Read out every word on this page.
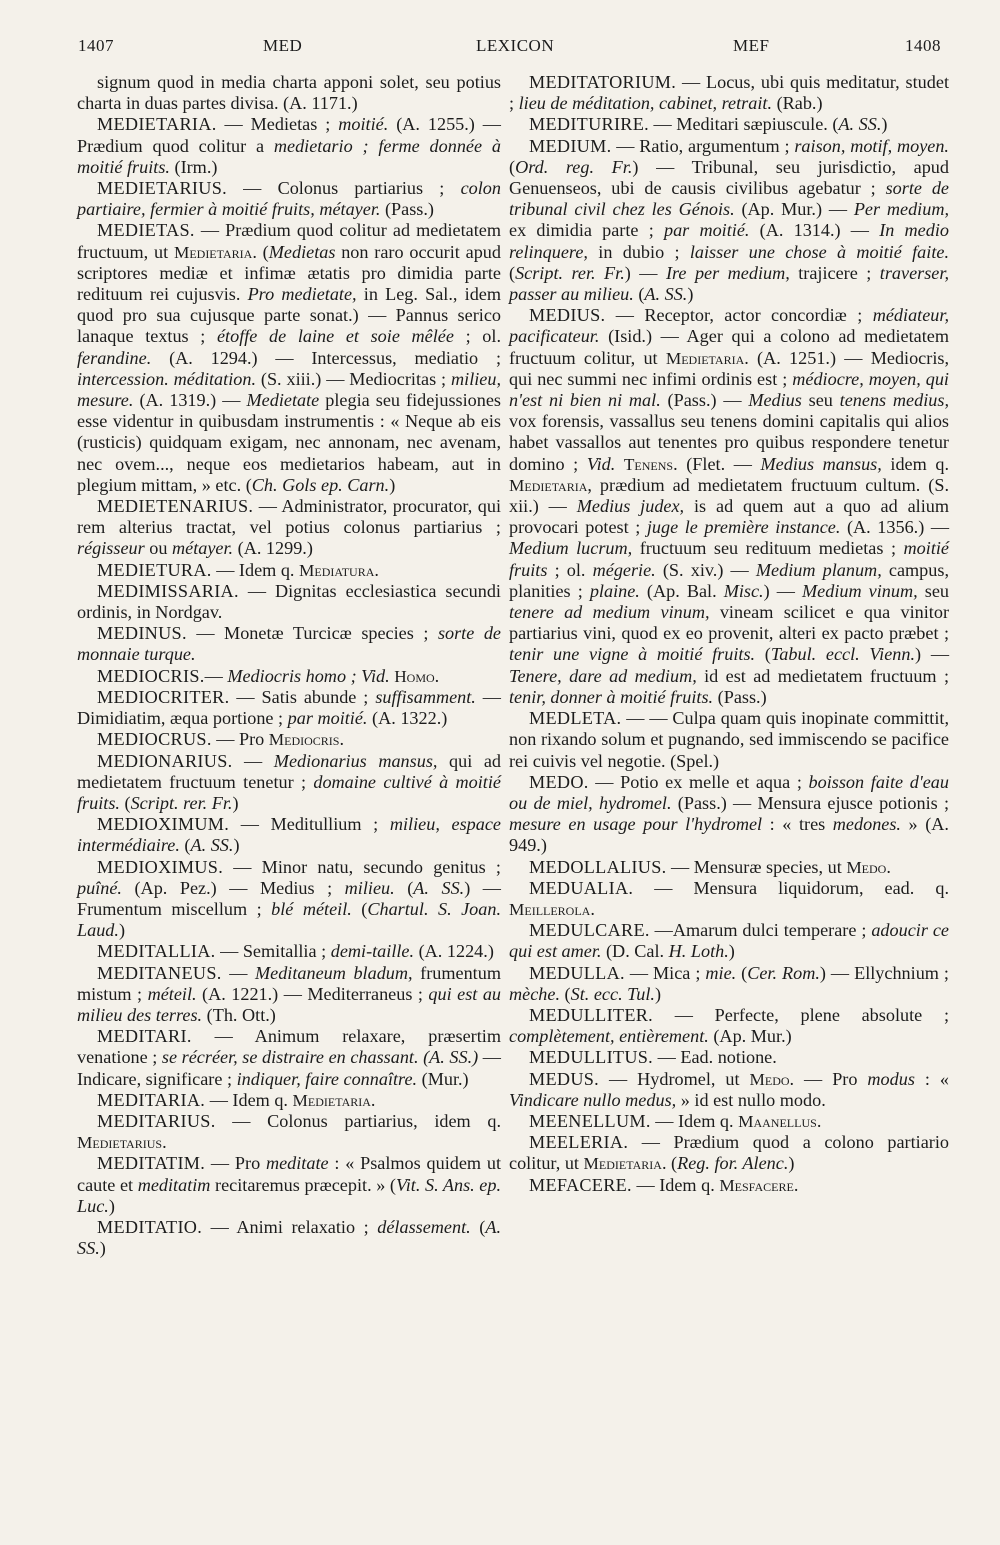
1407	MED	LEXICON	MEF	1408

signum quod in media charta apponi solet, seu potius charta in duas partes divisa. (A. 1171.)

MEDIETARIA. — Medietas ; moitié. (A. 1255.) — Prædium quod colitur a medietario ; ferme donnée à moitié fruits. (Irm.)

MEDIETARIUS. — Colonus partiarius ; colon partiaire, fermier à moitié fruits, métayer. (Pass.)

MEDIETAS. — Prædium quod colitur ad medietatem fructuum, ut Medietaria. (Medietas non raro occurit apud scriptores mediæ et infimæ ætatis pro dimidia parte redituum rei cujusvis. Pro medietate, in Leg. Sal., idem quod pro sua cujusque parte sonat.) — Pannus serico lanaque textus ; étoffe de laine et soie mêlée ; ol. ferandine. (A. 1294.) — Intercessus, mediatio ; intercession. méditation. (S. xiii.) — Mediocritas ; milieu, mesure. (A. 1319.) — Medietate plegia seu fidejussiones esse videntur in quibusdam instrumentis : « Neque ab eis (rusticis) quidquam exigam, nec annonam, nec avenam, nec ovem..., neque eos medietarios habeam, aut in plegium mittam, » etc. (Ch. Gols ep. Carn.)

MEDIETENARIUS. — Administrator, procurator, qui rem alterius tractat, vel potius colonus partiarius ; régisseur ou métayer. (A. 1299.)

MEDIETURA. — Idem q. Mediatura.

MEDIMISSARIA. — Dignitas ecclesiastica secundi ordinis, in Nordgav.

MEDINUS. — Monetæ Turcicæ species ; sorte de monnaie turque.

MEDIOCRIS.— Mediocris homo ; Vid. Homo.

MEDIOCRITER. — Satis abunde ; suffisamment. — Dimidiatim, æqua portione ; par moitié. (A. 1322.)

MEDIOCRUS. — Pro Mediocris.

MEDIONARIUS. — Medionarius mansus, qui ad medietatem fructuum tenetur ; domaine cultivé à moitié fruits. (Script. rer. Fr.)

MEDIOXIMUM. — Meditullium ; milieu, espace intermédiaire. (A. SS.)

MEDIOXIMUS. — Minor natu, secundo genitus ; puîné. (Ap. Pez.) — Medius ; milieu. (A. SS.) — Frumentum miscellum ; blé méteil. (Chartul. S. Joan. Laud.)

MEDITALLIA. — Semitallia ; demi-taille. (A. 1224.)

MEDITANEUS. — Meditaneum bladum, frumentum mistum ; méteil. (A. 1221.) — Mediterraneus ; qui est au milieu des terres. (Th. Ott.)

MEDITARI. — Animum relaxare, præsertim venatione ; se récréer, se distraire en chassant. (A. SS.) — Indicare, significare ; indiquer, faire connaître. (Mur.)

MEDITARIA. — Idem q. Medietaria.

MEDITARIUS. — Colonus partiarius, idem q. Medietarius.

MEDITATIM. — Pro meditate : « Psalmos quidem ut caute et meditatim recitaremus præcepit. » (Vit. S. Ans. ep. Luc.)

MEDITATIO. — Animi relaxatio ; délassement. (A. SS.)

MEDITATORIUM. — Locus, ubi quis meditatur, studet ; lieu de méditation, cabinet, retrait. (Rab.)

MEDITURIRE. — Meditari sæpiuscule. (A. SS.)

MEDIUM. — Ratio, argumentum ; raison, motif, moyen. (Ord. reg. Fr.) — Tribunal, seu jurisdictio, apud Genuenseos, ubi de causis civilibus agebatur ; sorte de tribunal civil chez les Génois. (Ap. Mur.) — Per medium, ex dimidia parte ; par moitié. (A. 1314.) — In medio relinquere, in dubio ; laisser une chose à moitié faite. (Script. rer. Fr.) — Ire per medium, trajicere ; traverser, passer au milieu. (A. SS.)

MEDIUS. — Receptor, actor concordiæ ; médiateur, pacificateur. (Isid.) — Ager qui a colono ad medietatem fructuum colitur, ut Medietaria. (A. 1251.) — Mediocris, qui nec summi nec infimi ordinis est ; médiocre, moyen, qui n'est ni bien ni mal. (Pass.) — Medius seu tenens medius, vox forensis, vassallus seu tenens domini capitalis qui alios habet vassallos aut tenentes pro quibus respondere tenetur domino ; Vid. Tenens. (Flet. — Medius mansus, idem q. Medietaria, prædium ad medietatem fructuum cultum. (S. xii.) — Medius judex, is ad quem aut a quo ad alium provocari potest ; juge le première instance. (A. 1356.) — Medium lucrum, fructuum seu redituum medietas ; moitié fruits ; ol. mégerie. (S. xiv.) — Medium planum, campus, planities ; plaine. (Ap. Bal. Misc.) — Medium vinum, seu tenere ad medium vinum, vineam scilicet e qua vinitor partiarius vini, quod ex eo provenit, alteri ex pacto præbet ; tenir une vigne à moitié fruits. (Tabul. eccl. Vienn.) — Tenere, dare ad medium, id est ad medietatem fructuum ; tenir, donner à moitié fruits. (Pass.)

MEDLETA. — — Culpa quam quis inopinate committit, non rixando solum et pugnando, sed immiscendo se pacifice rei cuivis vel negotie. (Spel.)

MEDO. — Potio ex melle et aqua ; boisson faite d'eau ou de miel, hydromel. (Pass.) — Mensura ejusce potionis ; mesure en usage pour l'hydromel : « tres medones. » (A. 949.)

MEDOLLALIUS. — Mensuræ species, ut Medo.

MEDUALIA. — Mensura liquidorum, ead. q. Meillerola.

MEDULCARE. —Amarum dulci temperare ; adoucir ce qui est amer. (D. Cal. H. Loth.)

MEDULLA. — Mica ; mie. (Cer. Rom.) — Ellychnium ; mèche. (St. ecc. Tul.)

MEDULLITER. — Perfecte, plene absolute ; complètement, entièrement. (Ap. Mur.)

MEDULLITUS. — Ead. notione.

MEDUS. — Hydromel, ut Medo. — Pro modus : « Vindicare nullo medus, » id est nullo modo.

MEENELLUM. — Idem q. Maanellus.

MEELERIA. — Prædium quod a colono partiario colitur, ut Medietaria. (Reg. for. Alenc.)

MEFACERE. — Idem q. Mesfacere.
